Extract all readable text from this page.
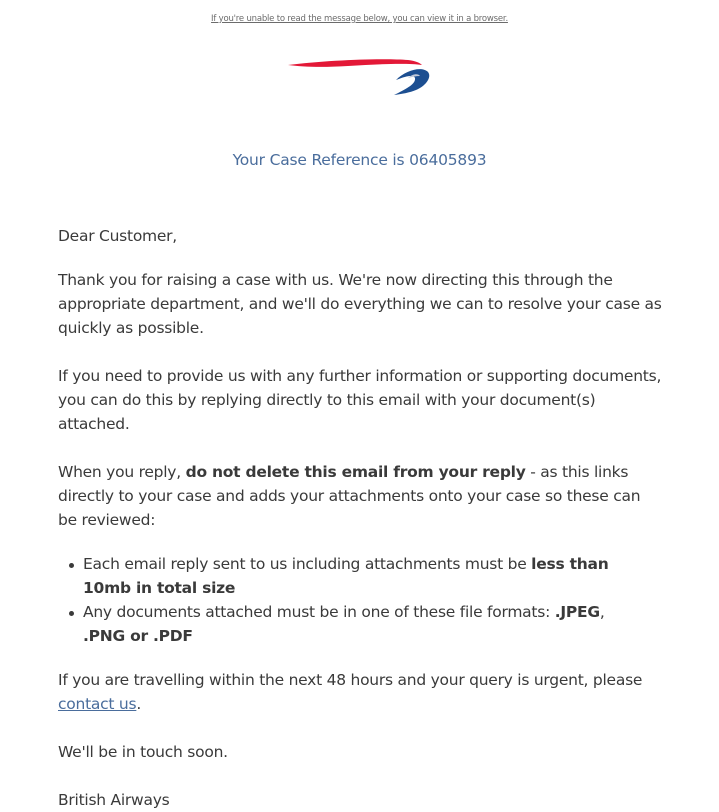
If you're unable to read the message below, you can view it in a browser.
Your Case Reference is 06405893

Dear Customer,

Thank you for raising a case with us. We're now directing this through the appropriate department, and we'll do everything we can to resolve your case as quickly as possible.

If you need to provide us with any further information or supporting documents, you can do this by replying directly to this email with your document(s) attached.

When you reply, do not delete this email from your reply - as this links directly to your case and adds your attachments onto your case so these can be reviewed:

Each email reply sent to us including attachments must be less than 10mb in total size
Any documents attached must be in one of these file formats: .JPEG, .PNG or .PDF

If you are travelling within the next 48 hours and your query is urgent, please contact us.

We'll be in touch soon.

British Airways
